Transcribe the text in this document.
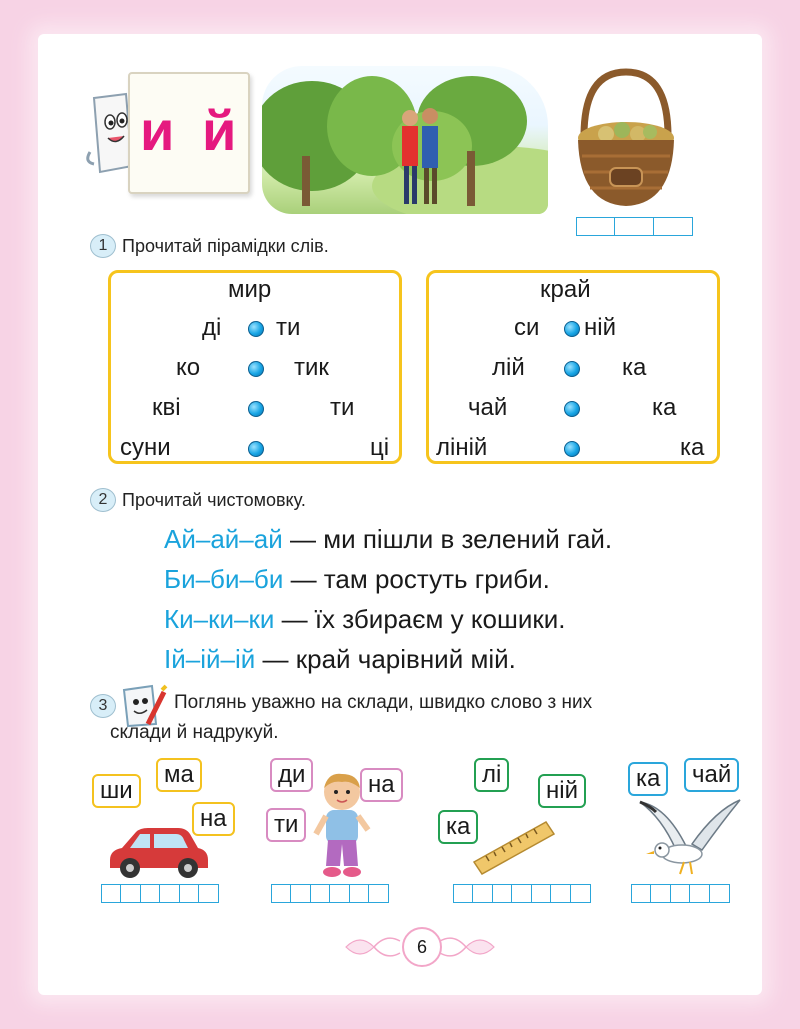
и й
1 Прочитай пірамідки слів.
мир
ді ти
ко	тик
кві	ти
суни	ці
край
си ній
лій	ка
чай	ка
ліній	ка
2 Прочитай чистомовку.
Ай–ай–ай — ми пішли в зелений гай.
Би–би–би — там ростуть гриби.
Ки–ки–ки — їх збираєм у кошики.
Ій–ій–ій — край чарівний мій.
3	Поглянь уважно на склади, швидко слово з них
склади й надрукуй.
ши
ма
на
ди	на
ти
лі
ній
ка
ка	чай
6
